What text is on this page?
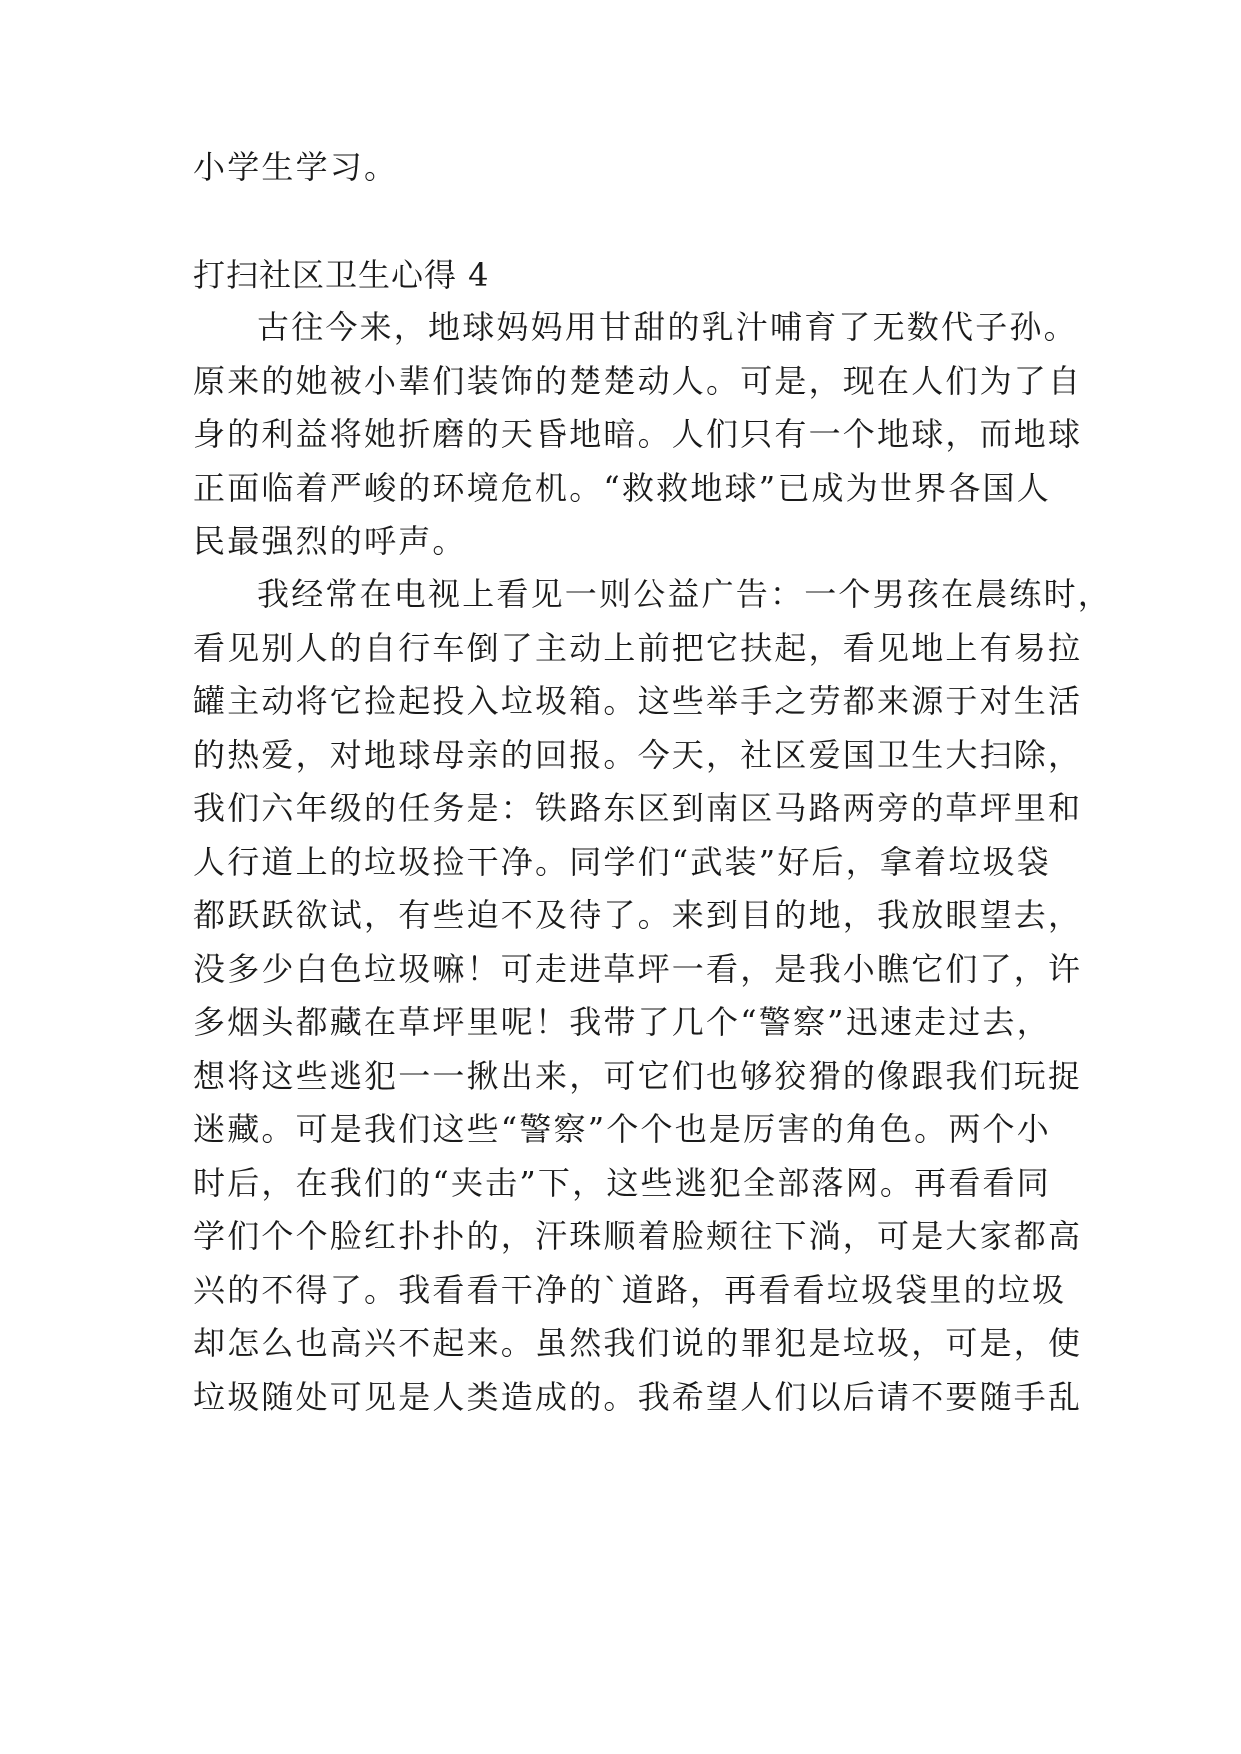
小学生学习。
打扫社区卫生心得 4
古往今来，地球妈妈用甘甜的乳汁哺育了无数代子孙。
原来的她被小辈们装饰的楚楚动人。可是，现在人们为了自
身的利益将她折磨的天昏地暗。人们只有一个地球，而地球
正面临着严峻的环境危机。“救救地球”已成为世界各国人
民最强烈的呼声。
我经常在电视上看见一则公益广告：一个男孩在晨练时，
看见别人的自行车倒了主动上前把它扶起，看见地上有易拉
罐主动将它捡起投入垃圾箱。这些举手之劳都来源于对生活
的热爱，对地球母亲的回报。今天，社区爱国卫生大扫除，
我们六年级的任务是：铁路东区到南区马路两旁的草坪里和
人行道上的垃圾捡干净。同学们“武装”好后，拿着垃圾袋
都跃跃欲试，有些迫不及待了。来到目的地，我放眼望去，
没多少白色垃圾嘛！可走进草坪一看，是我小瞧它们了，许
多烟头都藏在草坪里呢！我带了几个“警察”迅速走过去，
想将这些逃犯一一揪出来，可它们也够狡猾的像跟我们玩捉
迷藏。可是我们这些“警察”个个也是厉害的角色。两个小
时后，在我们的“夹击”下，这些逃犯全部落网。再看看同
学们个个脸红扑扑的，汗珠顺着脸颊往下淌，可是大家都高
兴的不得了。我看看干净的`道路，再看看垃圾袋里的垃圾
却怎么也高兴不起来。虽然我们说的罪犯是垃圾，可是，使
垃圾随处可见是人类造成的。我希望人们以后请不要随手乱
